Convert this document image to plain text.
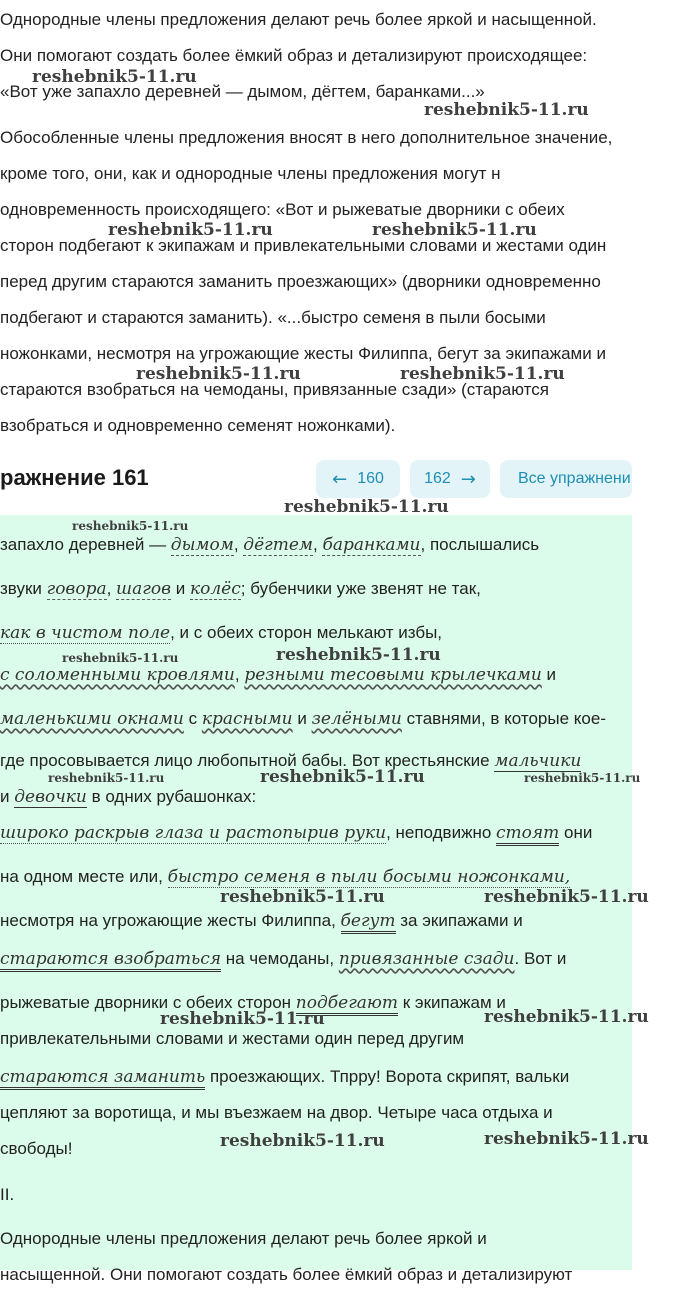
Однородные члены предложения делают речь более яркой и насыщенной.
Они помогают создать более ёмкий образ и детализируют происходящее:
«Вот уже запахло деревней — дымом, дёгтем, баранками...»
Обособленные члены предложения вносят в него дополнительное значение,
кроме того, они, как и однородные члены предложения могут н
одновременность происходящего: «Вот и рыжеватые дворники с обеих
сторон подбегают к экипажам и привлекательными словами и жестами один
перед другим стараются заманить проезжающих» (дворники одновременно
подбегают и стараются заманить). «...быстро семеня в пыли босыми
ножонками, несмотря на угрожающие жесты Филиппа, бегут за экипажами и
стараются взобраться на чемоданы, привязанные сзади» (стараются
взобраться и одновременно семенят ножонками).
reshebnik5-11.ru
reshebnik5-11.ru
reshebnik5-11.ru	reshebnik5-11.ru
reshebnik5-11.ru	reshebnik5-11.ru
ражнение 161	← 160	162 →	Все упражнени
reshebnik5-11.ru
reshebnik5-11.ru
запахло деревней — дымом, дёгтем, баранками, послышались
звуки говора, шагов и колёс; бубенчики уже звенят не так,
как в чистом поле, и с обеих сторон мелькают избы,
reshebnik5-11.ru	reshebnik5-11.ru
с соломенными кровлями, резными тесовыми крылечками и
маленькими окнами с красными и зелёными ставнями, в которые кое-
где просовывается лицо любопытной бабы. Вот крестьянские мальчики
reshebnik5-11.ru	reshebnik5-11.ru	reshebnik5-11.ru
и девочки в одних рубашонках:
широко раскрыв глаза и растопырив руки, неподвижно стоят они
на одном месте или, быстро семеня в пыли босыми ножонками,
reshebnik5-11.ru	reshebnik5-11.ru
несмотря на угрожающие жесты Филиппа, бегут за экипажами и
стараются взобраться на чемоданы, привязанные сзади. Вот и
рыжеватые дворники с обеих сторон подбегают к экипажам и
reshebnik5-11.ru	reshebnik5-11.ru
привлекательными словами и жестами один перед другим
стараются заманить проезжающих. Тпрру! Ворота скрипят, вальки
цепляют за воротища, и мы въезжаем на двор. Четыре часа отдыха и
свободы!	reshebnik5-11.ru	reshebnik5-11.ru
II.
Однородные члены предложения делают речь более яркой и
насыщенной. Они помогают создать более ёмкий образ и детализируют
